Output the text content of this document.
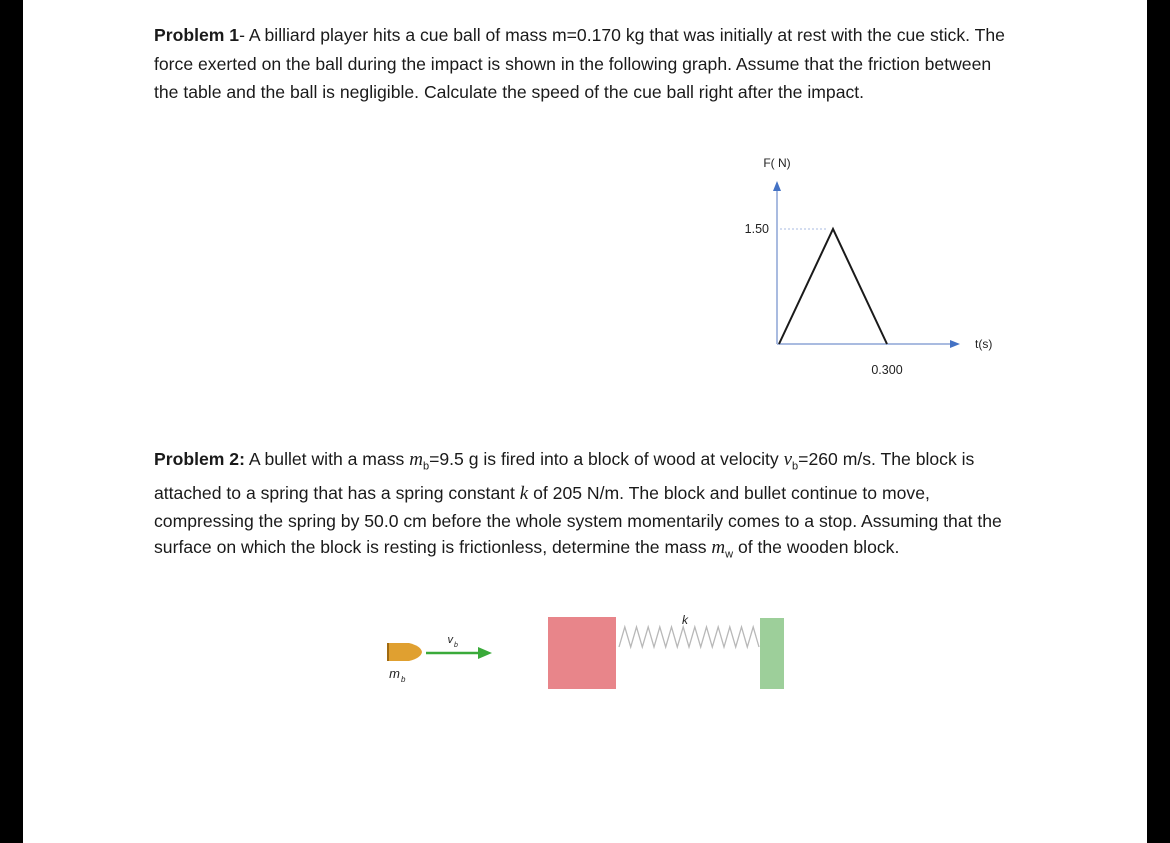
Problem 1- A billiard player hits a cue ball of mass m=0.170 kg that was initially at rest with the cue stick. The force exerted on the ball during the impact is shown in the following graph. Assume that the friction between the table and the ball is negligible. Calculate the speed of the cue ball right after the impact.

F( N)
t(s)
1.50
0.300

Problem 2: A bullet with a mass $m_b=9.5$ g is fired into a block of wood at velocity $v_b=260$ m/s. The block is attached to a spring that has a spring constant k of 205 N/m. The block and bullet continue to move, compressing the spring by 50.0 cm before the whole system momentarily comes to a stop. Assuming that the surface on which the block is resting is frictionless, determine the mass $m_w$ of the wooden block.

m b
v b
k
